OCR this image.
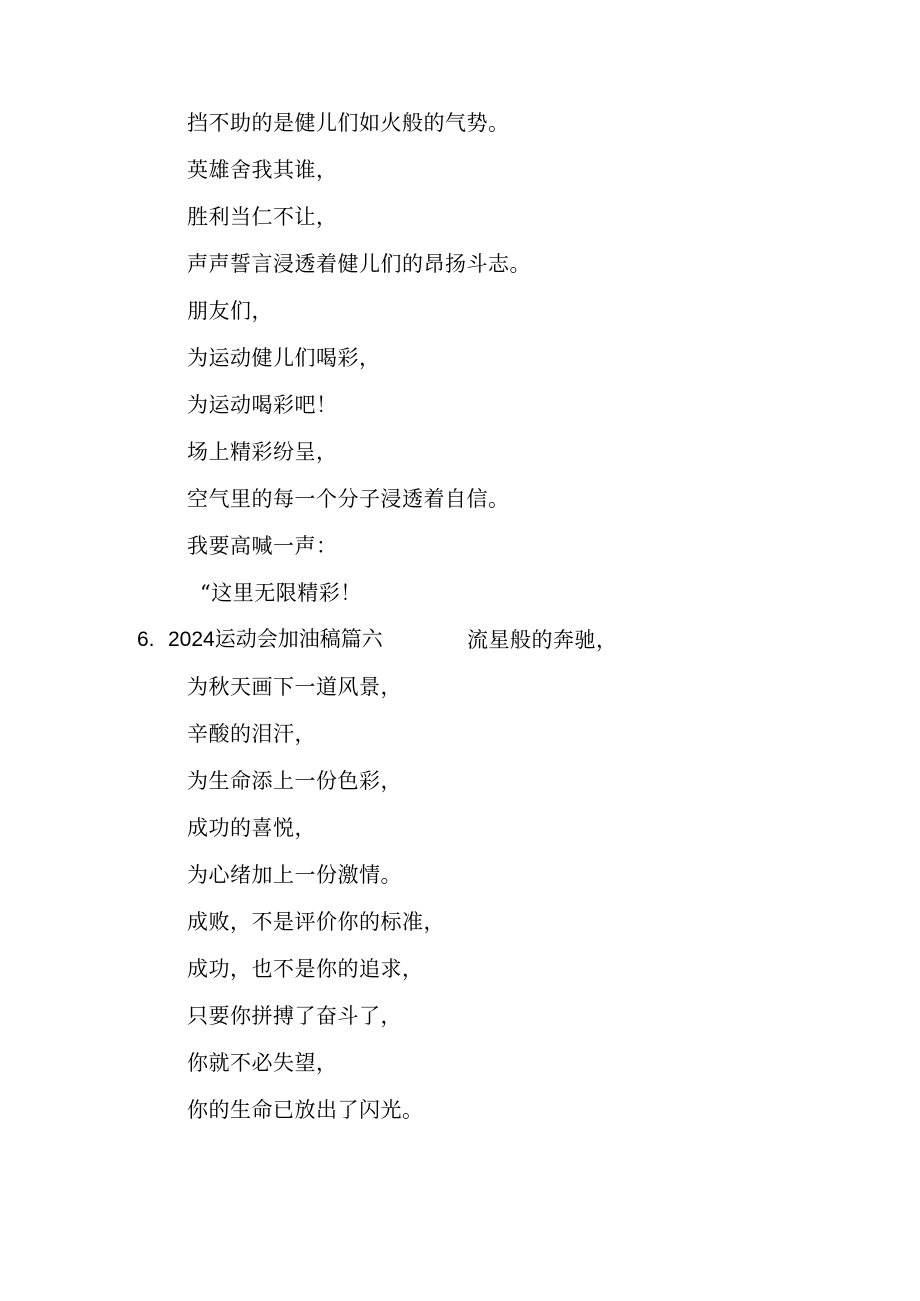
挡不助的是健儿们如火般的气势。
英雄舍我其谁，
胜利当仁不让，
声声誓言浸透着健儿们的昂扬斗志。
朋友们，
为运动健儿们喝彩，
为运动喝彩吧！
场上精彩纷呈，
空气里的每一个分子浸透着自信。
我要高喊一声：
“这里无限精彩！
6. 2024运动会加油稿篇六	流星般的奔驰，
为秋天画下一道风景，
辛酸的泪汗，
为生命添上一份色彩，
成功的喜悦，
为心绪加上一份激情。
成败，不是评价你的标准，
成功，也不是你的追求，
只要你拼搏了奋斗了，
你就不必失望，
你的生命已放出了闪光。
